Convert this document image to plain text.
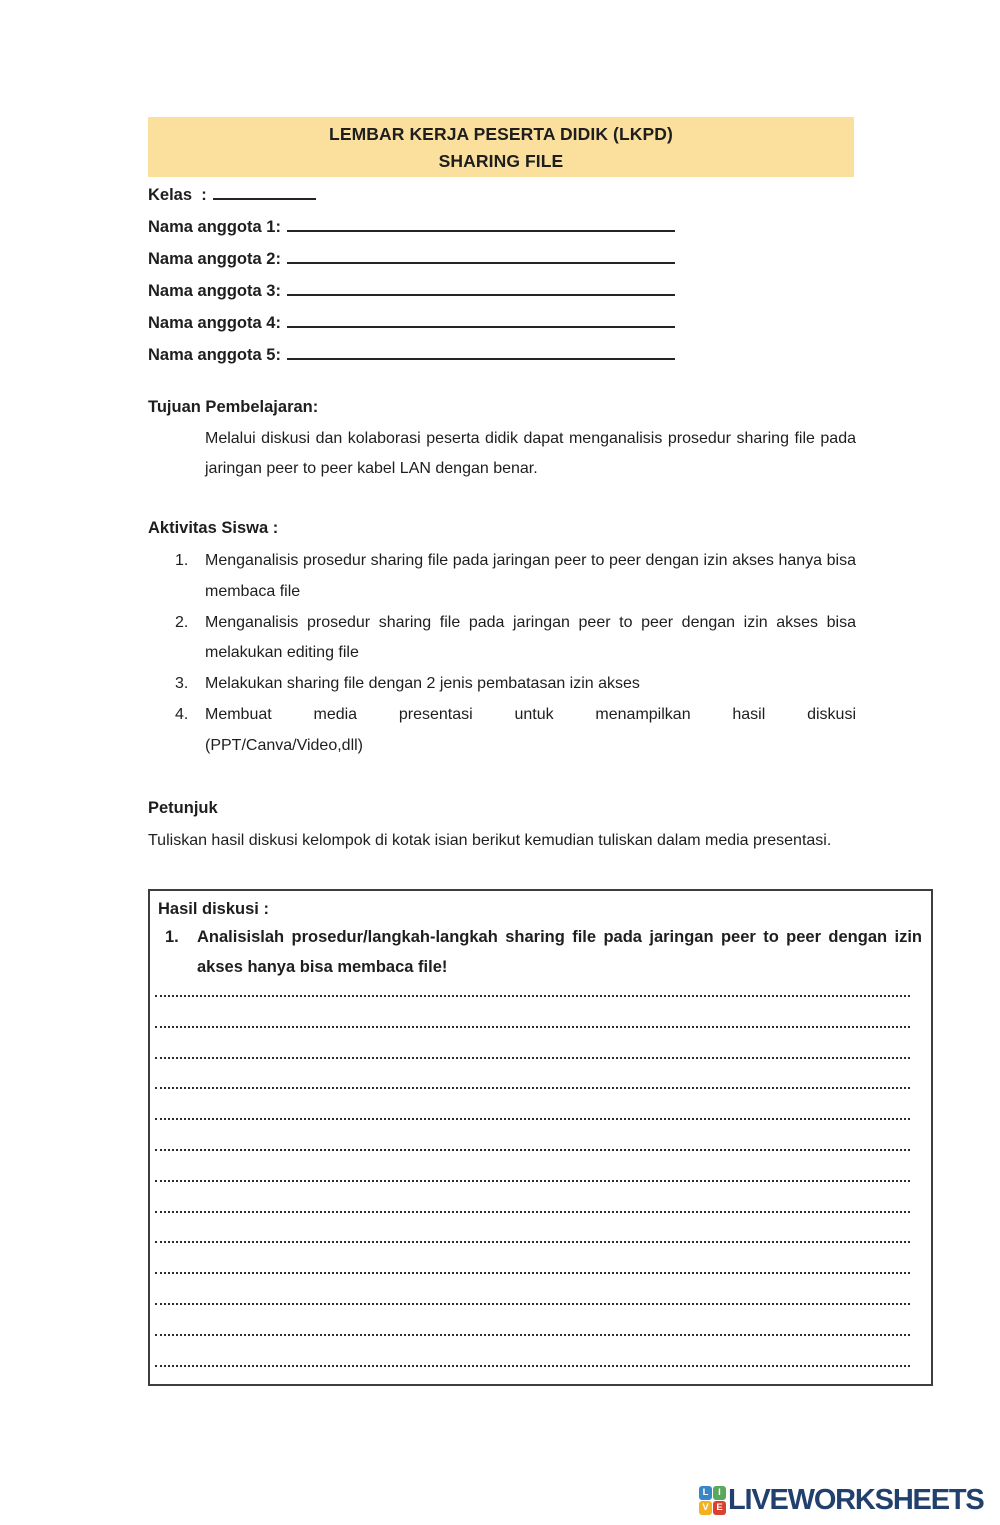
LEMBAR KERJA PESERTA DIDIK (LKPD)
SHARING FILE
Kelas  :
Nama anggota 1:
Nama anggota 2:
Nama anggota 3:
Nama anggota 4:
Nama anggota 5:
Tujuan Pembelajaran:
Melalui diskusi dan kolaborasi peserta didik dapat menganalisis prosedur sharing file pada jaringan peer to peer kabel LAN dengan benar.
Aktivitas Siswa :
1. Menganalisis prosedur sharing file pada jaringan peer to peer dengan izin akses hanya bisa membaca file
2. Menganalisis prosedur sharing file pada jaringan peer to peer dengan izin akses bisa melakukan editing file
3. Melakukan sharing file dengan 2 jenis pembatasan izin akses
4. Membuat media presentasi untuk menampilkan hasil diskusi
(PPT/Canva/Video,dll)
Petunjuk
Tuliskan hasil diskusi kelompok di kotak isian berikut kemudian tuliskan dalam media presentasi.
Hasil diskusi :
1. Analisislah prosedur/langkah-langkah sharing file pada jaringan peer to peer dengan izin akses hanya bisa membaca file!
L	I
V E LIVEWORKSHEETS
